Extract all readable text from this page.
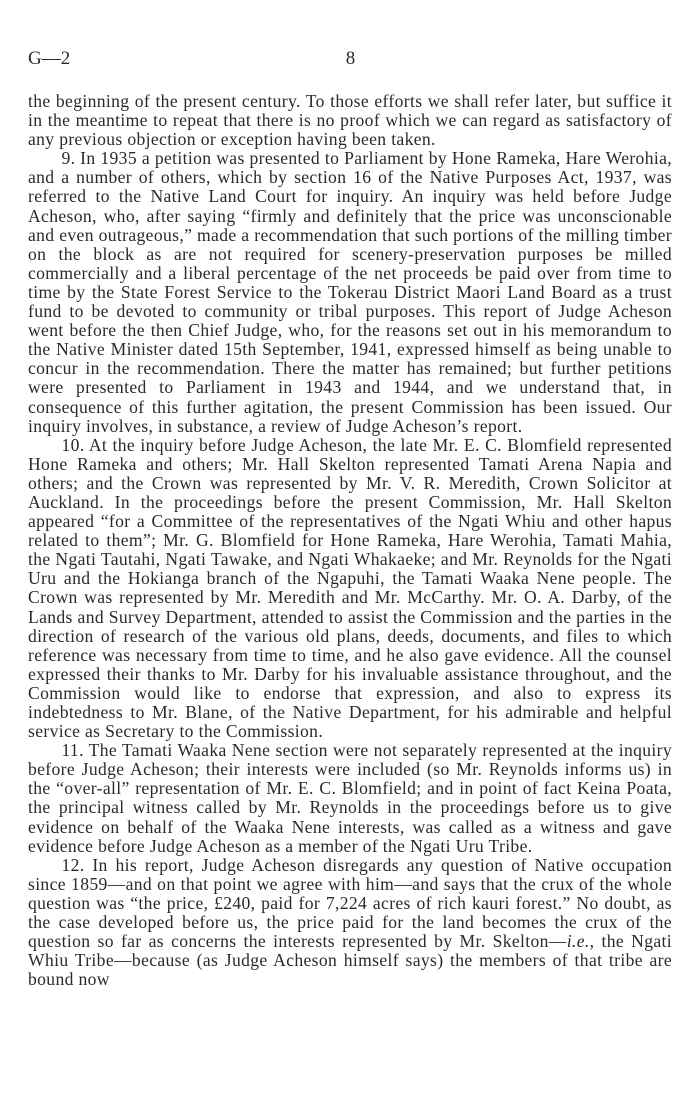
G—2	8

the beginning of the present century. To those efforts we shall refer later, but suffice it in the meantime to repeat that there is no proof which we can regard as satisfactory of any previous objection or exception having been taken.

9. In 1935 a petition was presented to Parliament by Hone Rameka, Hare Werohia, and a number of others, which by section 16 of the Native Purposes Act, 1937, was referred to the Native Land Court for inquiry. An inquiry was held before Judge Acheson, who, after saying “firmly and definitely that the price was unconscionable and even outrageous,” made a recommendation that such portions of the milling timber on the block as are not required for scenery-preservation purposes be milled commercially and a liberal percentage of the net proceeds be paid over from time to time by the State Forest Service to the Tokerau District Maori Land Board as a trust fund to be devoted to community or tribal purposes. This report of Judge Acheson went before the then Chief Judge, who, for the reasons set out in his memorandum to the Native Minister dated 15th September, 1941, expressed himself as being unable to concur in the recommendation. There the matter has remained; but further petitions were presented to Parliament in 1943 and 1944, and we understand that, in consequence of this further agitation, the present Commission has been issued. Our inquiry involves, in substance, a review of Judge Acheson’s report.

10. At the inquiry before Judge Acheson, the late Mr. E. C. Blomfield represented Hone Rameka and others; Mr. Hall Skelton represented Tamati Arena Napia and others; and the Crown was represented by Mr. V. R. Meredith, Crown Solicitor at Auckland. In the proceedings before the present Commission, Mr. Hall Skelton appeared “for a Committee of the representatives of the Ngati Whiu and other hapus related to them”; Mr. G. Blomfield for Hone Rameka, Hare Werohia, Tamati Mahia, the Ngati Tautahi, Ngati Tawake, and Ngati Whakaeke; and Mr. Reynolds for the Ngati Uru and the Hokianga branch of the Ngapuhi, the Tamati Waaka Nene people. The Crown was represented by Mr. Meredith and Mr. McCarthy. Mr. O. A. Darby, of the Lands and Survey Department, attended to assist the Commission and the parties in the direction of research of the various old plans, deeds, documents, and files to which reference was necessary from time to time, and he also gave evidence. All the counsel expressed their thanks to Mr. Darby for his invaluable assistance throughout, and the Commission would like to endorse that expression, and also to express its indebtedness to Mr. Blane, of the Native Department, for his admirable and helpful service as Secretary to the Commission.

11. The Tamati Waaka Nene section were not separately represented at the inquiry before Judge Acheson; their interests were included (so Mr. Reynolds informs us) in the “over-all” representation of Mr. E. C. Blomfield; and in point of fact Keina Poata, the principal witness called by Mr. Reynolds in the proceedings before us to give evidence on behalf of the Waaka Nene interests, was called as a witness and gave evidence before Judge Acheson as a member of the Ngati Uru Tribe.

12. In his report, Judge Acheson disregards any question of Native occupation since 1859—and on that point we agree with him—and says that the crux of the whole question was “the price, £240, paid for 7,224 acres of rich kauri forest.” No doubt, as the case developed before us, the price paid for the land becomes the crux of the question so far as concerns the interests represented by Mr. Skelton—i.e., the Ngati Whiu Tribe—because (as Judge Acheson himself says) the members of that tribe are bound now
